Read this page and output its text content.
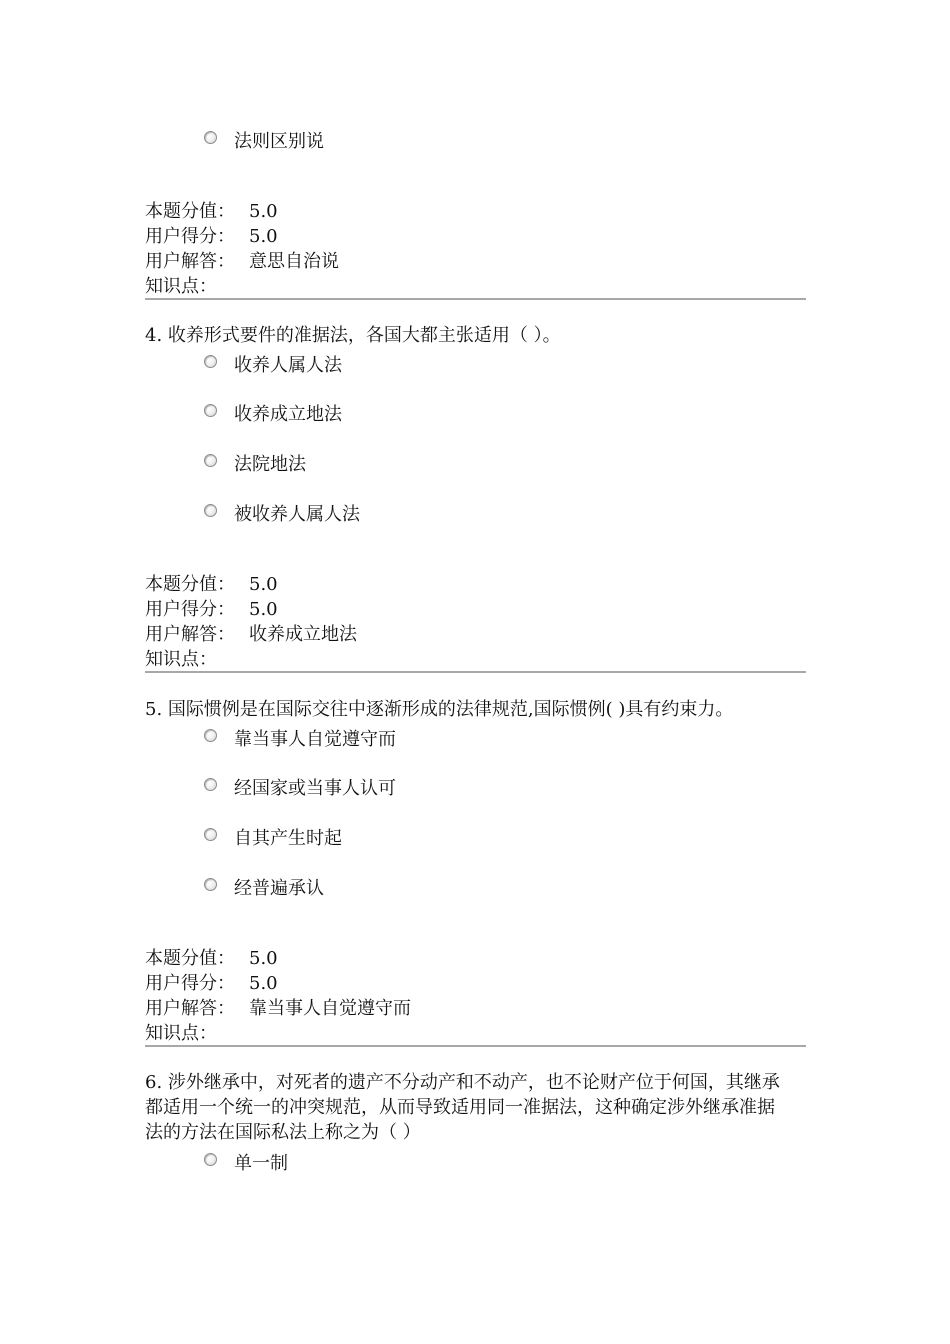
法则区别说
本题分值： 5.0
用户得分： 5.0
用户解答： 意思自治说
知识点：
4. 收养形式要件的准据法，各国大都主张适用（ ）。
收养人属人法
收养成立地法
法院地法
被收养人属人法
本题分值： 5.0
用户得分： 5.0
用户解答： 收养成立地法
知识点：
5. 国际惯例是在国际交往中逐渐形成的法律规范,国际惯例( )具有约束力。
靠当事人自觉遵守而
经国家或当事人认可
自其产生时起
经普遍承认
本题分值： 5.0
用户得分： 5.0
用户解答： 靠当事人自觉遵守而
知识点：
6. 涉外继承中，对死者的遗产不分动产和不动产，也不论财产位于何国，其继承
都适用一个统一的冲突规范，从而导致适用同一准据法，这种确定涉外继承准据
法的方法在国际私法上称之为（ ）
单一制
